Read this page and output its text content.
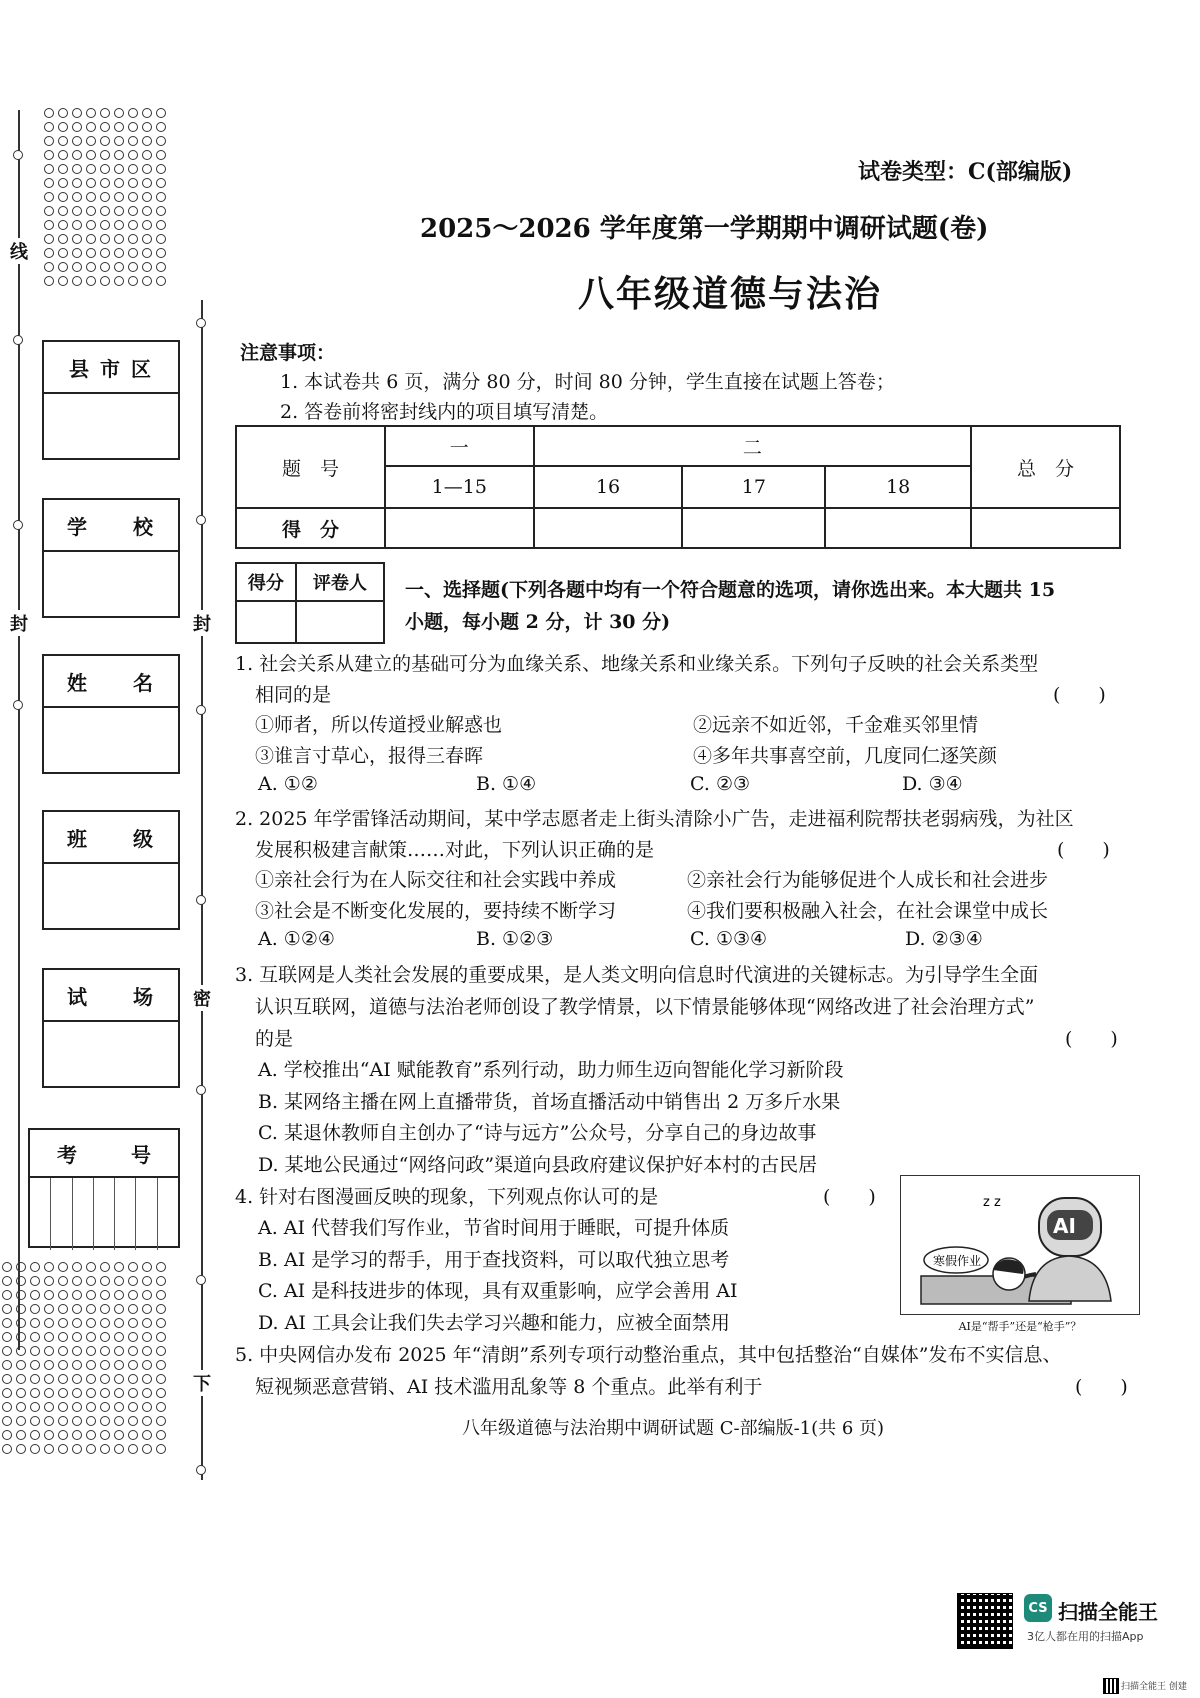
线
封	封
密
下
县 市 区
学　　校
姓　　名
班　　级
试　　场
考	号
试卷类型：C(部编版)
2025～2026 学年度第一学期期中调研试题(卷)
八年级道德与法治
注意事项：
1. 本试卷共 6 页，满分 80 分，时间 80 分钟，学生直接在试题上答卷；
2. 答卷前将密封线内的项目填写清楚。
题　号	一	二			总　分
	1—15	16	17	18	
得　分					
得分	评卷人
	一、选择题(下列各题中均有一个符合题意的选项，请你选出来。本大题共 15
小题，每小题 2 分，计 30 分)
1. 社会关系从建立的基础可分为血缘关系、地缘关系和业缘关系。下列句子反映的社会关系类型
相同的是	(　　)
①师者，所以传道授业解惑也	②远亲不如近邻，千金难买邻里情
③谁言寸草心，报得三春晖	④多年共事喜空前，几度同仁逐笑颜
A. ①②	B. ①④	C. ②③	D. ③④
2. 2025 年学雷锋活动期间，某中学志愿者走上街头清除小广告，走进福利院帮扶老弱病残，为社区
发展积极建言献策……对此，下列认识正确的是	(　　)
①亲社会行为在人际交往和社会实践中养成	②亲社会行为能够促进个人成长和社会进步
③社会是不断变化发展的，要持续不断学习	④我们要积极融入社会，在社会课堂中成长
A. ①②④	B. ①②③	C. ①③④	D. ②③④
3. 互联网是人类社会发展的重要成果，是人类文明向信息时代演进的关键标志。为引导学生全面
认识互联网，道德与法治老师创设了教学情景，以下情景能够体现“网络改进了社会治理方式”
的是	(　　)
A. 学校推出“AI 赋能教育”系列行动，助力师生迈向智能化学习新阶段
B. 某网络主播在网上直播带货，首场直播活动中销售出 2 万多斤水果
C. 某退休教师自主创办了“诗与远方”公众号，分享自己的身边故事
D. 某地公民通过“网络问政”渠道向县政府建议保护好本村的古民居
4. 针对右图漫画反映的现象，下列观点你认可的是	(　　)
A. AI 代替我们写作业，节省时间用于睡眠，可提升体质
B. AI 是学习的帮手，用于查找资料，可以取代独立思考
C. AI 是科技进步的体现，具有双重影响，应学会善用 AI
D. AI 工具会让我们失去学习兴趣和能力，应被全面禁用
AI
寒假作业
z z
AI是“帮手”还是“枪手”？
5. 中央网信办发布 2025 年“清朗”系列专项行动整治重点，其中包括整治“自媒体”发布不实信息、
短视频恶意营销、AI 技术滥用乱象等 8 个重点。此举有利于	(　　)
八年级道德与法治期中调研试题 C-部编版-1(共 6 页)
CS 扫描全能王
3亿人都在用的扫描App
扫描全能王 创建
